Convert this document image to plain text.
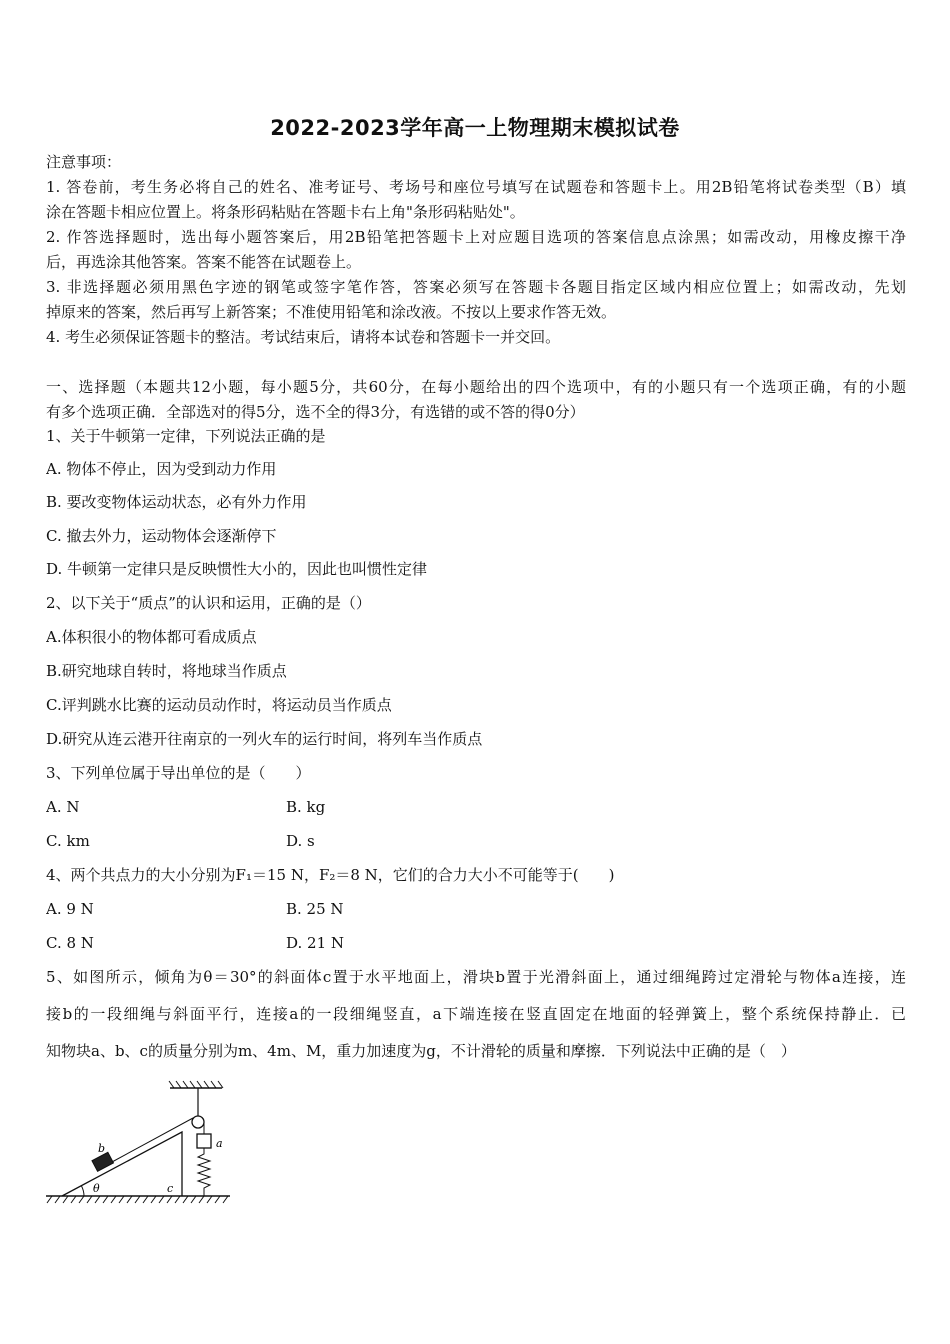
2022-2023学年高一上物理期末模拟试卷
注意事项：
1. 答卷前，考生务必将自己的姓名、准考证号、考场号和座位号填写在试题卷和答题卡上。用2B铅笔将试卷类型（B）填
涂在答题卡相应位置上。将条形码粘贴在答题卡右上角"条形码粘贴处"。
2. 作答选择题时，选出每小题答案后，用2B铅笔把答题卡上对应题目选项的答案信息点涂黑；如需改动，用橡皮擦干净
后，再选涂其他答案。答案不能答在试题卷上。
3. 非选择题必须用黑色字迹的钢笔或签字笔作答，答案必须写在答题卡各题目指定区域内相应位置上；如需改动，先划
掉原来的答案，然后再写上新答案；不准使用铅笔和涂改液。不按以上要求作答无效。
4. 考生必须保证答题卡的整洁。考试结束后，请将本试卷和答题卡一并交回。
一、选择题（本题共12小题，每小题5分，共60分，在每小题给出的四个选项中，有的小题只有一个选项正确，有的小题
有多个选项正确．全部选对的得5分，选不全的得3分，有选错的或不答的得0分）
1、关于牛顿第一定律，下列说法正确的是
A. 物体不停止，因为受到动力作用
B. 要改变物体运动状态，必有外力作用
C. 撤去外力，运动物体会逐渐停下
D. 牛顿第一定律只是反映惯性大小的，因此也叫惯性定律
2、以下关于“质点”的认识和运用，正确的是（）
A.体积很小的物体都可看成质点
B.研究地球自转时，将地球当作质点
C.评判跳水比赛的运动员动作时，将运动员当作质点
D.研究从连云港开往南京的一列火车的运行时间，将列车当作质点
3、下列单位属于导出单位的是（　　）
A. N	B. kg
C. km	D. s
4、两个共点力的大小分别为F₁＝15 N，F₂＝8 N，它们的合力大小不可能等于(　　)
A. 9 N	B. 25 N
C. 8 N	D. 21 N
5、如图所示，倾角为θ＝30°的斜面体c置于水平地面上，滑块b置于光滑斜面上，通过细绳跨过定滑轮与物体a连接，连
接b的一段细绳与斜面平行，连接a的一段细绳竖直，a下端连接在竖直固定在地面的轻弹簧上，整个系统保持静止．已
知物块a、b、c的质量分别为m、4m、M，重力加速度为g，不计滑轮的质量和摩擦．下列说法中正确的是（　）
a
b
c
θ
